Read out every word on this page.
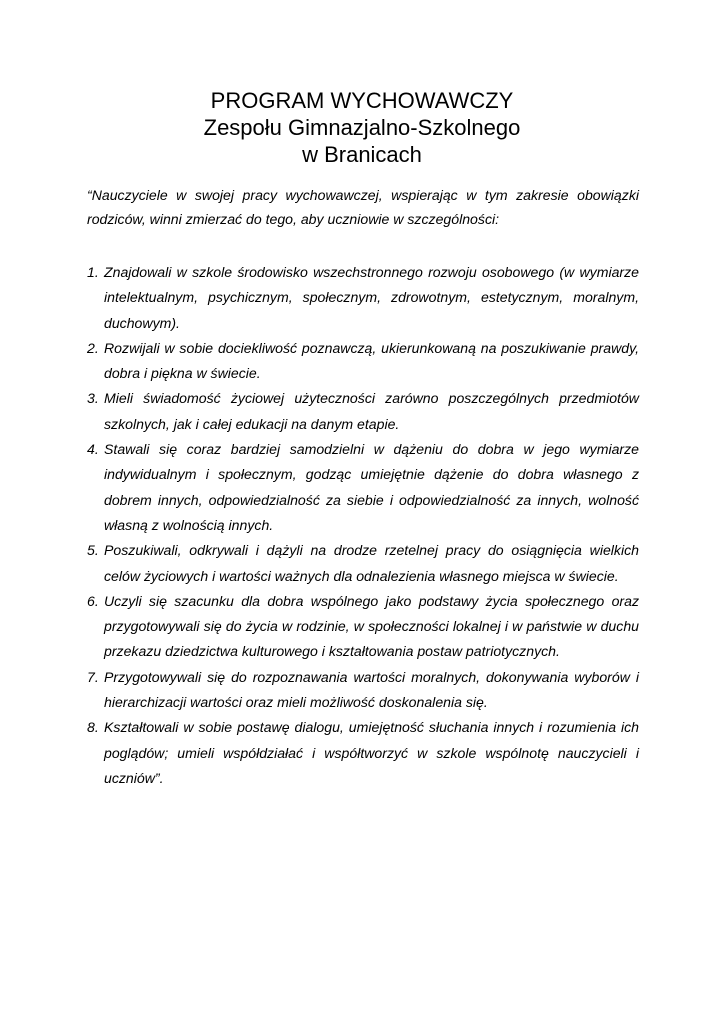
PROGRAM WYCHOWAWCZY
Zespołu Gimnazjalno-Szkolnego
w Branicach

“Nauczyciele w swojej pracy wychowawczej, wspierając w tym zakresie obowiązki rodziców, winni zmierzać do tego, aby uczniowie w szczególności:

1. Znajdowali w szkole środowisko wszechstronnego rozwoju osobowego (w wymiarze intelektualnym, psychicznym, społecznym, zdrowotnym, estetycznym, moralnym, duchowym).
2. Rozwijali w sobie dociekliwość poznawczą, ukierunkowaną na poszukiwanie prawdy, dobra i piękna w świecie.
3. Mieli świadomość życiowej użyteczności zarówno poszczególnych przedmiotów szkolnych, jak i całej edukacji na danym etapie.
4. Stawali się coraz bardziej samodzielni w dążeniu do dobra w jego wymiarze indywidualnym i społecznym, godząc umiejętnie dążenie do dobra własnego z dobrem innych, odpowiedzialność za siebie i odpowiedzialność za innych, wolność własną z wolnością innych.
5. Poszukiwali, odkrywali i dążyli na drodze rzetelnej pracy do osiągnięcia wielkich celów życiowych i wartości ważnych dla odnalezienia własnego miejsca w świecie.
6. Uczyli się szacunku dla dobra wspólnego jako podstawy życia społecznego oraz przygotowywali się do życia w rodzinie, w społeczności lokalnej i w państwie w duchu przekazu dziedzictwa kulturowego i kształtowania postaw patriotycznych.
7. Przygotowywali się do rozpoznawania wartości moralnych, dokonywania wyborów i hierarchizacji wartości oraz mieli możliwość doskonalenia się.
8. Kształtowali w sobie postawę dialogu, umiejętność słuchania innych i rozumienia ich poglądów; umieli współdziałać i współtworzyć w szkole wspólnotę nauczycieli i uczniów”.
